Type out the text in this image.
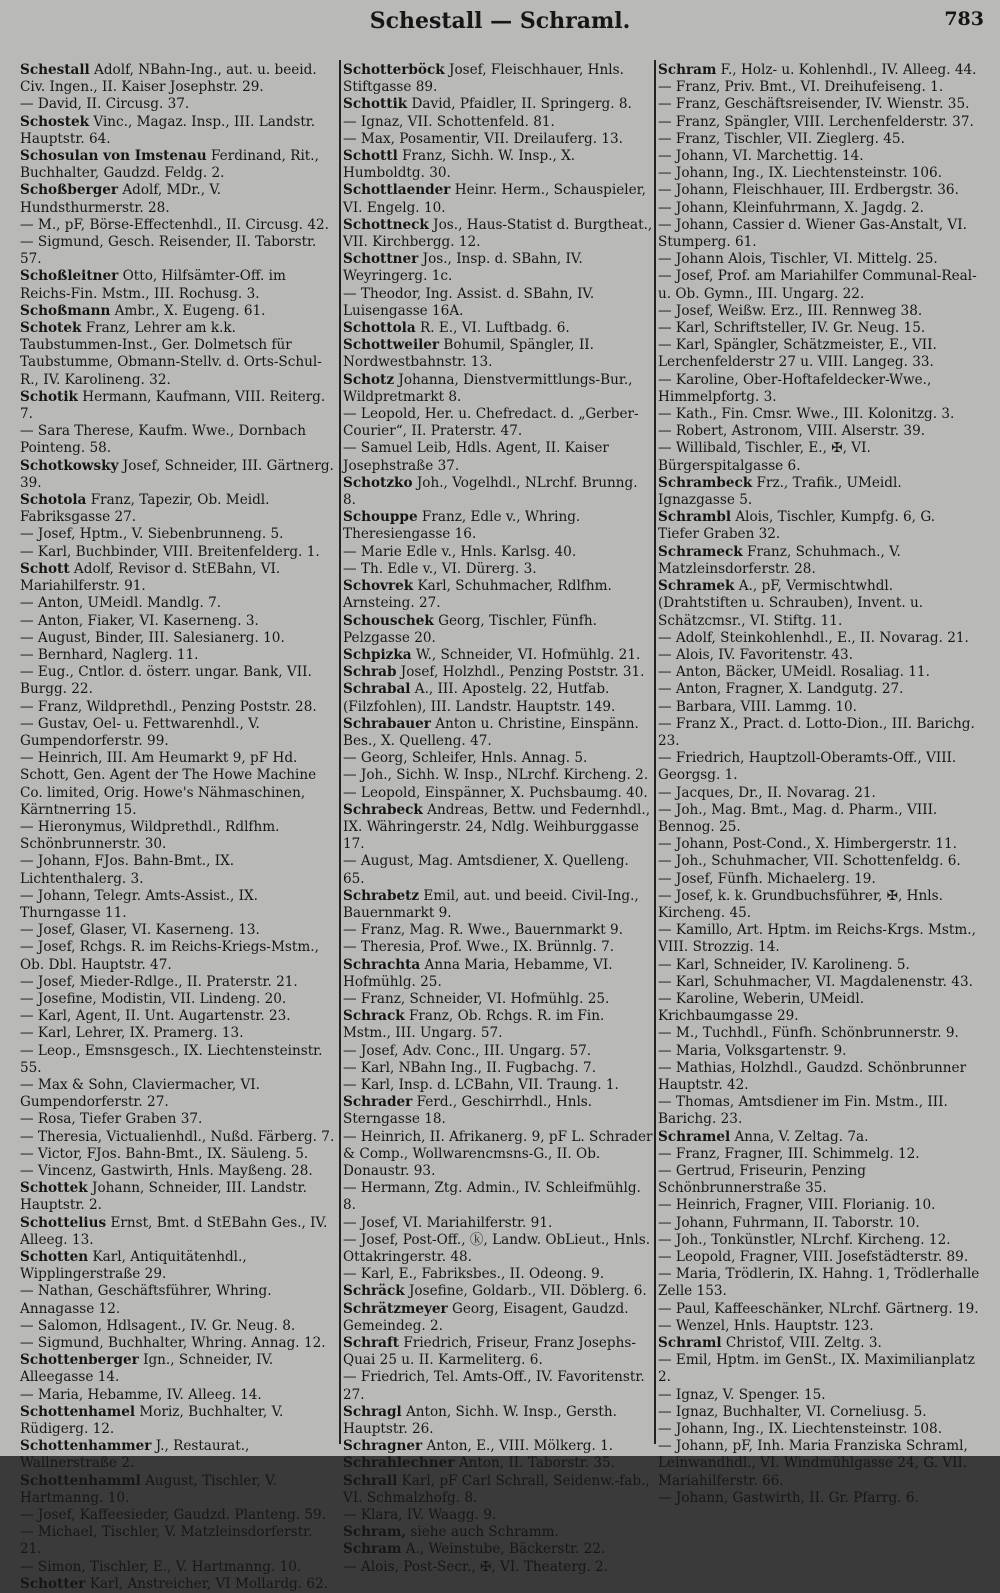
Schestall — Schraml.	783
Schestall Adolf, NBahn-Ing., aut. u. beeid. Civ. Ingen., II. Kaiser Josephstr. 29.
— David, II. Circusg. 37.
Schostek Vinc., Magaz. Insp., III. Landstr. Hauptstr. 64.
Schosulan von Imstenau Ferdinand, Rit., Buchhalter, Gaudzd. Feldg. 2.
Schoßberger Adolf, MDr., V. Hundsthurmerstr. 28.
— M., pF, Börse-Effectenhdl., II. Circusg. 42.
— Sigmund, Gesch. Reisender, II. Taborstr. 57.
Schoßleitner Otto, Hilfsämter-Off. im Reichs-Fin. Mstm., III. Rochusg. 3.
Schoßmann Ambr., X. Eugeng. 61.
Schotek Franz, Lehrer am k.k. Taubstummen-Inst., Ger. Dolmetsch für Taubstumme, Obmann-Stellv. d. Orts-Schul-R., IV. Karolineng. 32.
Schotik Hermann, Kaufmann, VIII. Reiterg. 7.
— Sara Therese, Kaufm. Wwe., Dornbach Pointeng. 58.
Schotkowsky Josef, Schneider, III. Gärtnerg. 39.
Schotola Franz, Tapezir, Ob. Meidl. Fabriksgasse 27.
— Josef, Hptm., V. Siebenbrunneng. 5.
— Karl, Buchbinder, VIII. Breitenfelderg. 1.
Schott Adolf, Revisor d. StEBahn, VI. Mariahilferstr. 91.
— Anton, UMeidl. Mandlg. 7.
— Anton, Fiaker, VI. Kaserneng. 3.
— August, Binder, III. Salesianerg. 10.
— Bernhard, Naglerg. 11.
— Eug., Cntlor. d. österr. ungar. Bank, VII. Burgg. 22.
— Franz, Wildprethdl., Penzing Poststr. 28.
— Gustav, Oel- u. Fettwarenhdl., V. Gumpendorferstr. 99.
— Heinrich, III. Am Heumarkt 9, pF Hd. Schott, Gen. Agent der The Howe Machine Co. limited, Orig. Howe's Nähmaschinen, Kärntnerring 15.
— Hieronymus, Wildprethdl., Rdlfhm. Schönbrunnerstr. 30.
— Johann, FJos. Bahn-Bmt., IX. Lichtenthalerg. 3.
— Johann, Telegr. Amts-Assist., IX. Thurngasse 11.
— Josef, Glaser, VI. Kaserneng. 13.
— Josef, Rchgs. R. im Reichs-Kriegs-Mstm., Ob. Dbl. Hauptstr. 47.
— Josef, Mieder-Rdlge., II. Praterstr. 21.
— Josefine, Modistin, VII. Lindeng. 20.
— Karl, Agent, II. Unt. Augartenstr. 23.
— Karl, Lehrer, IX. Pramerg. 13.
— Leop., Emsnsgesch., IX. Liechtensteinstr. 55.
— Max & Sohn, Claviermacher, VI. Gumpendorferstr. 27.
— Rosa, Tiefer Graben 37.
— Theresia, Victualienhdl., Nußd. Färberg. 7.
— Victor, FJos. Bahn-Bmt., IX. Säuleng. 5.
— Vincenz, Gastwirth, Hnls. Mayßeng. 28.
Schottek Johann, Schneider, III. Landstr. Hauptstr. 2.
Schottelius Ernst, Bmt. d StEBahn Ges., IV. Alleeg. 13.
Schotten Karl, Antiquitätenhdl., Wipplingerstraße 29.
— Nathan, Geschäftsführer, Whring. Annagasse 12.
— Salomon, Hdlsagent., IV. Gr. Neug. 8.
— Sigmund, Buchhalter, Whring. Annag. 12.
Schottenberger Ign., Schneider, IV. Alleegasse 14.
— Maria, Hebamme, IV. Alleeg. 14.
Schottenhamel Moriz, Buchhalter, V. Rüdigerg. 12.
Schottenhammer J., Restaurat., Wallnerstraße 2.
Schottenhamml August, Tischler, V. Hartmanng. 10.
— Josef, Kaffeesieder, Gaudzd. Planteng. 59.
— Michael, Tischler, V. Matzleinsdorferstr. 21.
— Simon, Tischler, E., V. Hartmanng. 10.
Schotter Karl, Anstreicher, VI Mollardg. 62.
Schotterböck Josef, Fleischhauer, Hnls. Stiftgasse 89.
Schottik David, Pfaidler, II. Springerg. 8.
— Ignaz, VII. Schottenfeld. 81.
— Max, Posamentir, VII. Dreilauferg. 13.
Schottl Franz, Sichh. W. Insp., X. Humboldtg. 30.
Schottlaender Heinr. Herm., Schauspieler, VI. Engelg. 10.
Schottneck Jos., Haus-Statist d. Burgtheat., VII. Kirchbergg. 12.
Schottner Jos., Insp. d. SBahn, IV. Weyringerg. 1c.
— Theodor, Ing. Assist. d. SBahn, IV. Luisengasse 16A.
Schottola R. E., VI. Luftbadg. 6.
Schottweiler Bohumil, Spängler, II. Nordwestbahnstr. 13.
Schotz Johanna, Dienstvermittlungs-Bur., Wildpretmarkt 8.
— Leopold, Her. u. Chefredact. d. „Gerber-Courier“, II. Praterstr. 47.
— Samuel Leib, Hdls. Agent, II. Kaiser Josephstraße 37.
Schotzko Joh., Vogelhdl., NLrchf. Brunng. 8.
Schouppe Franz, Edle v., Whring. Theresiengasse 16.
— Marie Edle v., Hnls. Karlsg. 40.
— Th. Edle v., VI. Dürerg. 3.
Schovrek Karl, Schuhmacher, Rdlfhm. Arnsteing. 27.
Schouschek Georg, Tischler, Fünfh. Pelzgasse 20.
Schpizka W., Schneider, VI. Hofmühlg. 21.
Schrab Josef, Holzhdl., Penzing Poststr. 31.
Schrabal A., III. Apostelg. 22, Hutfab. (Filzfohlen), III. Landstr. Hauptstr. 149.
Schrabauer Anton u. Christine, Einspänn. Bes., X. Quelleng. 47.
— Georg, Schleifer, Hnls. Annag. 5.
— Joh., Sichh. W. Insp., NLrchf. Kircheng. 2.
— Leopold, Einspänner, X. Puchsbaumg. 40.
Schrabeck Andreas, Bettw. und Federnhdl., IX. Währingerstr. 24, Ndlg. Weihburggasse 17.
— August, Mag. Amtsdiener, X. Quelleng. 65.
Schrabetz Emil, aut. und beeid. Civil-Ing., Bauernmarkt 9.
— Franz, Mag. R. Wwe., Bauernmarkt 9.
— Theresia, Prof. Wwe., IX. Brünnlg. 7.
Schrachta Anna Maria, Hebamme, VI. Hofmühlg. 25.
— Franz, Schneider, VI. Hofmühlg. 25.
Schrack Franz, Ob. Rchgs. R. im Fin. Mstm., III. Ungarg. 57.
— Josef, Adv. Conc., III. Ungarg. 57.
— Karl, NBahn Ing., II. Fugbachg. 7.
— Karl, Insp. d. LCBahn, VII. Traung. 1.
Schrader Ferd., Geschirrhdl., Hnls. Sterngasse 18.
— Heinrich, II. Afrikanerg. 9, pF L. Schrader & Comp., Wollwarencmsns-G., II. Ob. Donaustr. 93.
— Hermann, Ztg. Admin., IV. Schleifmühlg. 8.
— Josef, VI. Mariahilferstr. 91.
— Josef, Post-Off., ⓚ, Landw. ObLieut., Hnls. Ottakringerstr. 48.
— Karl, E., Fabriksbes., II. Odeong. 9.
Schräck Josefine, Goldarb., VII. Döblerg. 6.
Schrätzmeyer Georg, Eisagent, Gaudzd. Gemeindeg. 2.
Schraft Friedrich, Friseur, Franz Josephs-Quai 25 u. II. Karmeliterg. 6.
— Friedrich, Tel. Amts-Off., IV. Favoritenstr. 27.
Schragl Anton, Sichh. W. Insp., Gersth. Hauptstr. 26.
Schragner Anton, E., VIII. Mölkerg. 1.
Schrahlechner Anton, II. Taborstr. 35.
Schrall Karl, pF Carl Schrall, Seidenw.-fab., VI. Schmalzhofg. 8.
— Klara, IV. Waagg. 9.
Schram, siehe auch Schramm.
Schram A., Weinstube, Bäckerstr. 22.
— Alois, Post-Secr., ✠, VI. Theaterg. 2.
Schram F., Holz- u. Kohlenhdl., IV. Alleeg. 44.
— Franz, Priv. Bmt., VI. Dreihufeiseng. 1.
— Franz, Geschäftsreisender, IV. Wienstr. 35.
— Franz, Spängler, VIII. Lerchenfelderstr. 37.
— Franz, Tischler, VII. Zieglerg. 45.
— Johann, VI. Marchettig. 14.
— Johann, Ing., IX. Liechtensteinstr. 106.
— Johann, Fleischhauer, III. Erdbergstr. 36.
— Johann, Kleinfuhrmann, X. Jagdg. 2.
— Johann, Cassier d. Wiener Gas-Anstalt, VI. Stumperg. 61.
— Johann Alois, Tischler, VI. Mittelg. 25.
— Josef, Prof. am Mariahilfer Communal-Real- u. Ob. Gymn., III. Ungarg. 22.
— Josef, Weißw. Erz., III. Rennweg 38.
— Karl, Schriftsteller, IV. Gr. Neug. 15.
— Karl, Spängler, Schätzmeister, E., VII. Lerchenfelderstr 27 u. VIII. Langeg. 33.
— Karoline, Ober-Hoftafeldecker-Wwe., Himmelpfortg. 3.
— Kath., Fin. Cmsr. Wwe., III. Kolonitzg. 3.
— Robert, Astronom, VIII. Alserstr. 39.
— Willibald, Tischler, E., ✠, VI. Bürgerspitalgasse 6.
Schrambeck Frz., Trafik., UMeidl. Ignazgasse 5.
Schrambl Alois, Tischler, Kumpfg. 6, G. Tiefer Graben 32.
Schrameck Franz, Schuhmach., V. Matzleinsdorferstr. 28.
Schramek A., pF, Vermischtwhdl. (Drahtstiften u. Schrauben), Invent. u. Schätzcmsr., VI. Stiftg. 11.
— Adolf, Steinkohlenhdl., E., II. Novarag. 21.
— Alois, IV. Favoritenstr. 43.
— Anton, Bäcker, UMeidl. Rosaliag. 11.
— Anton, Fragner, X. Landgutg. 27.
— Barbara, VIII. Lammg. 10.
— Franz X., Pract. d. Lotto-Dion., III. Barichg. 23.
— Friedrich, Hauptzoll-Oberamts-Off., VIII. Georgsg. 1.
— Jacques, Dr., II. Novarag. 21.
— Joh., Mag. Bmt., Mag. d. Pharm., VIII. Bennog. 25.
— Johann, Post-Cond., X. Himbergerstr. 11.
— Joh., Schuhmacher, VII. Schottenfeldg. 6.
— Josef, Fünfh. Michaelerg. 19.
— Josef, k. k. Grundbuchsführer, ✠, Hnls. Kircheng. 45.
— Kamillo, Art. Hptm. im Reichs-Krgs. Mstm., VIII. Strozzig. 14.
— Karl, Schneider, IV. Karolineng. 5.
— Karl, Schuhmacher, VI. Magdalenenstr. 43.
— Karoline, Weberin, UMeidl. Krichbaumgasse 29.
— M., Tuchhdl., Fünfh. Schönbrunnerstr. 9.
— Maria, Volksgartenstr. 9.
— Mathias, Holzhdl., Gaudzd. Schönbrunner Hauptstr. 42.
— Thomas, Amtsdiener im Fin. Mstm., III. Barichg. 23.
Schramel Anna, V. Zeltag. 7a.
— Franz, Fragner, III. Schimmelg. 12.
— Gertrud, Friseurin, Penzing Schönbrunnerstraße 35.
— Heinrich, Fragner, VIII. Florianig. 10.
— Johann, Fuhrmann, II. Taborstr. 10.
— Joh., Tonkünstler, NLrchf. Kircheng. 12.
— Leopold, Fragner, VIII. Josefstädterstr. 89.
— Maria, Trödlerin, IX. Hahng. 1, Trödlerhalle Zelle 153.
— Paul, Kaffeeschänker, NLrchf. Gärtnerg. 19.
— Wenzel, Hnls. Hauptstr. 123.
Schraml Christof, VIII. Zeltg. 3.
— Emil, Hptm. im GenSt., IX. Maximilianplatz 2.
— Ignaz, V. Spenger. 15.
— Ignaz, Buchhalter, VI. Corneliusg. 5.
— Johann, Ing., IX. Liechtensteinstr. 108.
— Johann, pF, Inh. Maria Franziska Schraml, Leinwandhdl., VI. Windmühlgasse 24, G. VII. Mariahilferstr. 66.
— Johann, Gastwirth, II. Gr. Pfarrg. 6.
